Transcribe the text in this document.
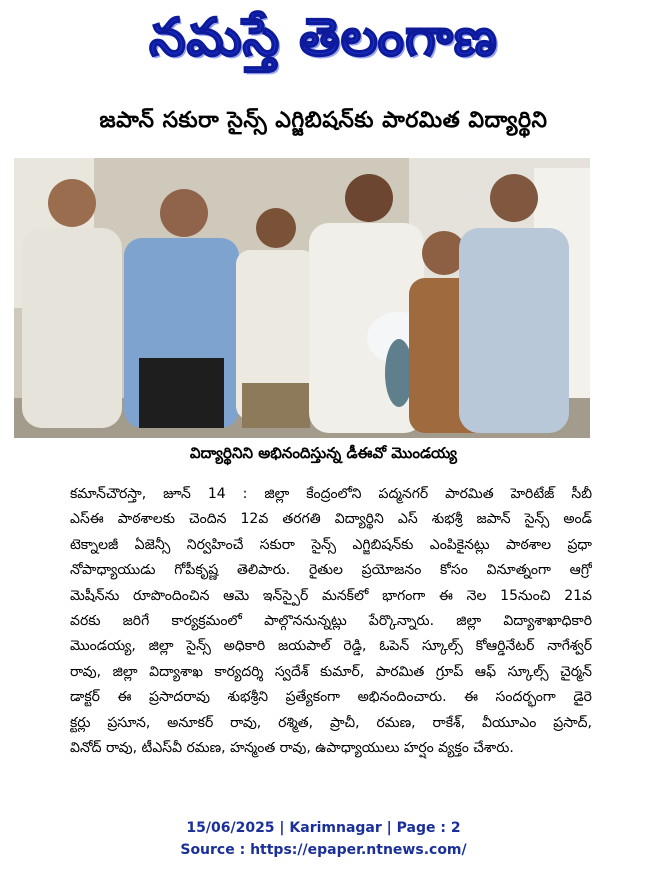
నమస్తే తెలంగాణ
జపాన్ సకురా సైన్స్ ఎగ్జిబిషన్‌కు పారమిత విద్యార్థిని
విద్యార్థినిని అభినందిస్తున్న డీఈవో మొండయ్య
కమాన్‌చౌరస్తా, జూన్ 14 : జిల్లా కేంద్రంలోని పద్మనగర్ పారమిత హెరిటేజ్ సీబీ
ఎస్ఈ పాఠశాలకు చెందిన 12వ తరగతి విద్యార్థిని ఎస్ శుభశ్రీ జపాన్ సైన్స్ అండ్
టెక్నాలజీ ఏజెన్సీ నిర్వహించే సకురా సైన్స్ ఎగ్జిబిషన్‌కు ఎంపికైనట్లు పాఠశాల ప్రధా
నోపాధ్యాయుడు గోపీకృష్ణ తెలిపారు. రైతుల ప్రయోజనం కోసం వినూత్నంగా ఆగ్రో
మెషీన్‌ను రూపొందించిన ఆమె ఇన్‌స్పైర్ మనక్‌లో భాగంగా ఈ నెల 15నుంచి 21వ
వరకు జరిగే కార్యక్రమంలో పాల్గొననున్నట్లు పేర్కొన్నారు. జిల్లా విద్యాశాఖాధికారి
మొండయ్య, జిల్లా సైన్స్ అధికారి జయపాల్ రెడ్డి, ఓపెన్ స్కూల్స్ కోఆర్డినేటర్ నాగేశ్వర్
రావు, జిల్లా విద్యాశాఖ కార్యదర్శి స్వదేశ్ కుమార్, పారమిత గ్రూప్ ఆఫ్ స్కూల్స్ చైర్మన్
డాక్టర్ ఈ ప్రసాదరావు శుభశ్రీని ప్రత్యేకంగా అభినందించారు. ఈ సందర్భంగా డైరె
క్టర్లు ప్రసూన, అనూకర్ రావు, రశ్మిత, ప్రాచీ, రమణ, రాకేశ్, వీయూఎం ప్రసాద్,
వినోద్ రావు, టీఎస్‌వీ రమణ, హన్మంత రావు, ఉపాధ్యాయులు హర్షం వ్యక్తం చేశారు.
15/06/2025 | Karimnagar | Page : 2
Source : https://epaper.ntnews.com/
